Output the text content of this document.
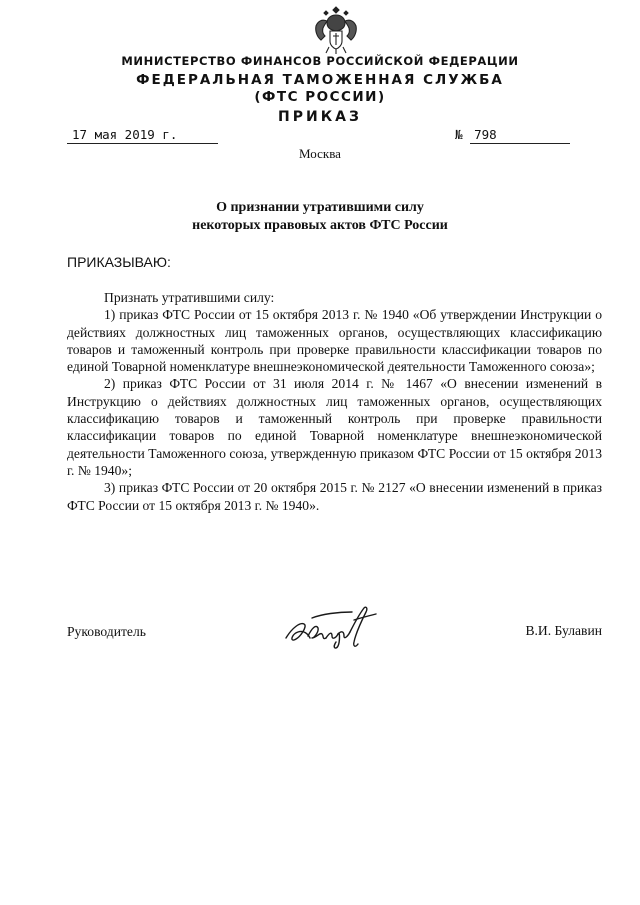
МИНИСТЕРСТВО ФИНАНСОВ РОССИЙСКОЙ ФЕДЕРАЦИИ
ФЕДЕРАЛЬНАЯ ТАМОЖЕННАЯ СЛУЖБА
(ФТС РОССИИ)
ПРИКАЗ
17 мая 2019 г.	№ 798
Москва
О признании утратившими силу
некоторых правовых актов ФТС России
ПРИКАЗЫВАЮ:

Признать утратившими силу:

1) приказ ФТС России от 15 октября 2013 г. № 1940 «Об утверждении Инструкции о действиях должностных лиц таможенных органов, осуществляющих классификацию товаров и таможенный контроль при проверке правильности классификации товаров по единой Товарной номенклатуре внешнеэкономической деятельности Таможенного союза»;

2) приказ ФТС России от 31 июля 2014 г. № 1467 «О внесении изменений в Инструкцию о действиях должностных лиц таможенных органов, осуществляющих классификацию товаров и таможенный контроль при проверке правильности классификации товаров по единой Товарной номенклатуре внешнеэкономической деятельности Таможенного союза, утвержденную приказом ФТС России от 15 октября 2013 г. № 1940»;

3) приказ ФТС России от 20 октября 2015 г. № 2127 «О внесении изменений в приказ ФТС России от 15 октября 2013 г. № 1940».

Руководитель	В.И. Булавин
